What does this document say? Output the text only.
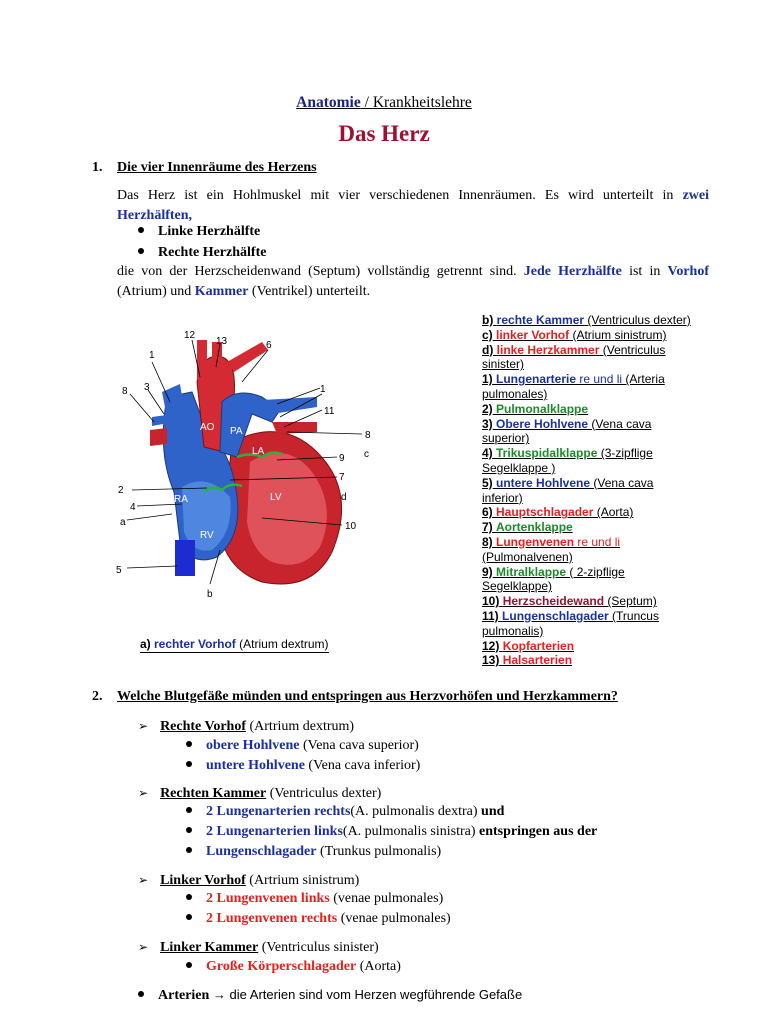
Anatomie / Krankheitslehre
Das Herz
1. Die vier Innenräume des Herzens
Das Herz ist ein Hohlmuskel mit vier verschiedenen Innenräumen. Es wird unterteilt in zwei Herzhälften,
Linke Herzhälfte
Rechte Herzhälfte
die von der Herzscheidenwand (Septum) vollständig getrennt sind. Jede Herzhälfte ist in Vorhof (Atrium) und Kammer (Ventrikel) unterteilt.
AO PA
LA
LV
RA
RV
12
13	6
1
1
8 3
11
8
9 c
7
d
2
4
a	10
5
b
a) rechter Vorhof (Atrium dextrum)
b) rechte Kammer (Ventriculus dexter)
c) linker Vorhof (Atrium sinistrum)
d) linke Herzkammer (Ventriculus
sinister)
1) Lungenarterie re und li (Arteria
pulmonales)
2) Pulmonalklappe
3) Obere Hohlvene (Vena cava
superior)
4) Trikuspidalklappe (3-zipflige
Segelklappe )
5) untere Hohlvene (Vena cava
inferior)
6) Hauptschlagader (Aorta)
7) Aortenklappe
8) Lungenvenen re und li
(Pulmonalvenen)
9) Mitralklappe ( 2-zipflige
Segelklappe)
10) Herzscheidewand (Septum)
11) Lungenschlagader (Truncus
pulmonalis)
12) Kopfarterien
13) Halsarterien
2. Welche Blutgefäße münden und entspringen aus Herzvorhöfen und Herzkammern?
➢ Rechte Vorhof (Artrium dextrum)
obere Hohlvene (Vena cava superior)
untere Hohlvene (Vena cava inferior)
➢ Rechten Kammer (Ventriculus dexter)
2 Lungenarterien rechts(A. pulmonalis dextra) und
2 Lungenarterien links(A. pulmonalis sinistra) entspringen aus der
Lungenschlagader (Trunkus pulmonalis)
➢ Linker Vorhof (Artrium sinistrum)
2 Lungenvenen links (venae pulmonales)
2 Lungenvenen rechts (venae pulmonales)
➢ Linker Kammer (Ventriculus sinister)
Große Körperschlagader (Aorta)
Arterien → die Arterien sind vom Herzen wegführende Gefaße
